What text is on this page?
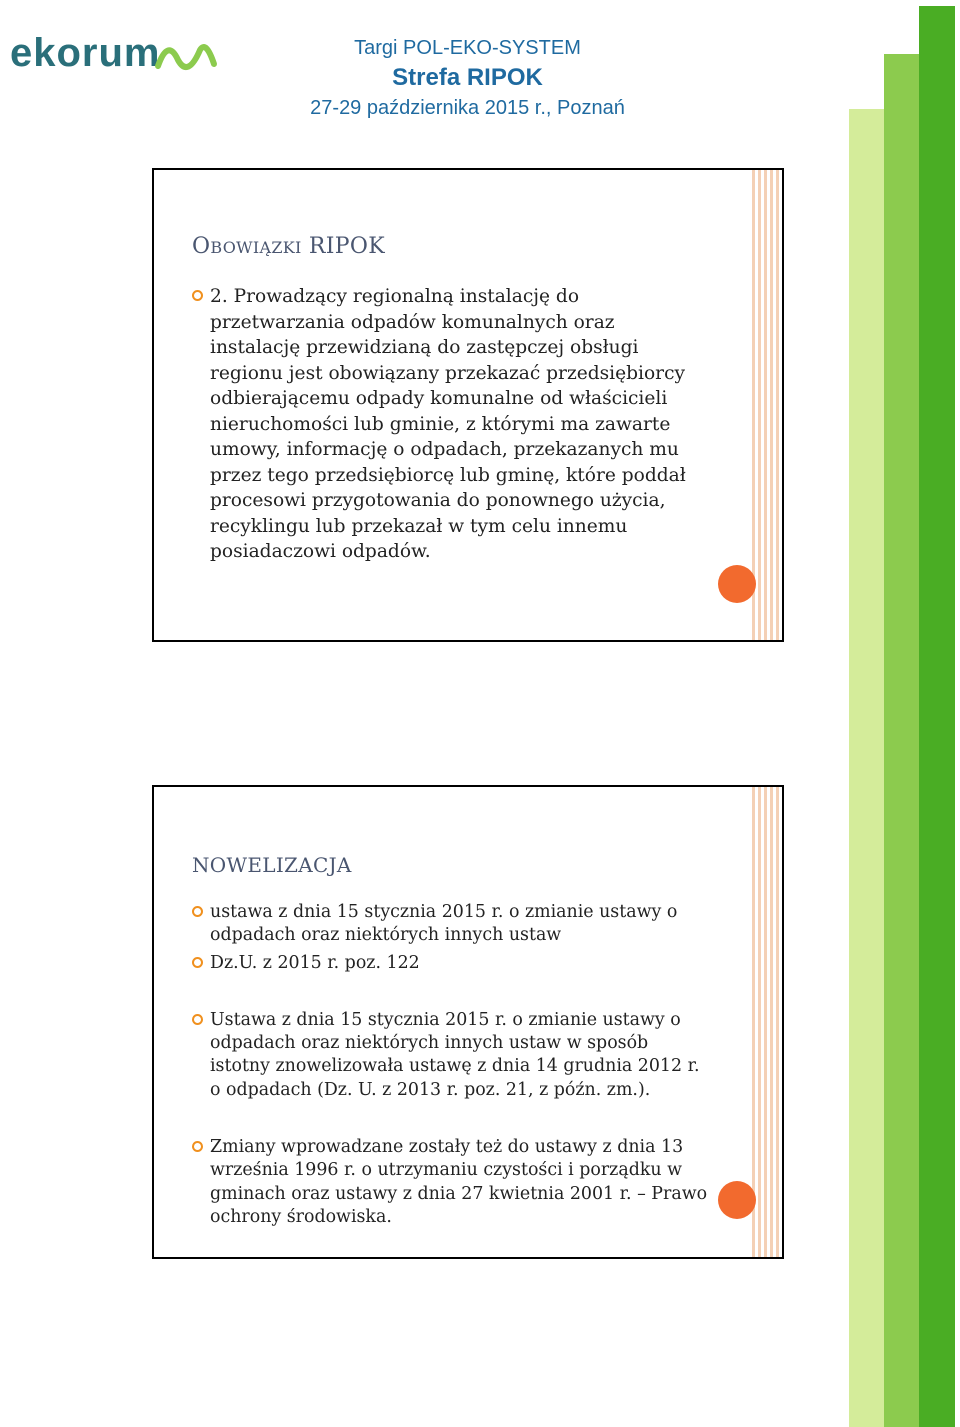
ekorum	Targi POL-EKO-SYSTEM
Strefa RIPOK
27-29 października 2015 r., Poznań
OBOWIĄZKI RIPOK
2. Prowadzący regionalną instalację do przetwarzania odpadów komunalnych oraz instalację przewidzianą do zastępczej obsługi regionu jest obowiązany przekazać przedsiębiorcy odbierającemu odpady komunalne od właścicieli nieruchomości lub gminie, z którymi ma zawarte umowy, informację o odpadach, przekazanych mu przez tego przedsiębiorcę lub gminę, które poddał procesowi przygotowania do ponownego użycia, recyklingu lub przekazał w tym celu innemu posiadaczowi odpadów.
NOWELIZACJA
ustawa z dnia 15 stycznia 2015 r. o zmianie ustawy o odpadach oraz niektórych innych ustaw
Dz.U. z 2015 r. poz. 122
Ustawa z dnia 15 stycznia 2015 r. o zmianie ustawy o odpadach oraz niektórych innych ustaw w sposób istotny znowelizowała ustawę z dnia 14 grudnia 2012 r. o odpadach (Dz. U. z 2013 r. poz. 21, z późn. zm.).
Zmiany wprowadzane zostały też do ustawy z dnia 13 września 1996 r. o utrzymaniu czystości i porządku w gminach oraz ustawy z dnia 27 kwietnia 2001 r. – Prawo ochrony środowiska.
